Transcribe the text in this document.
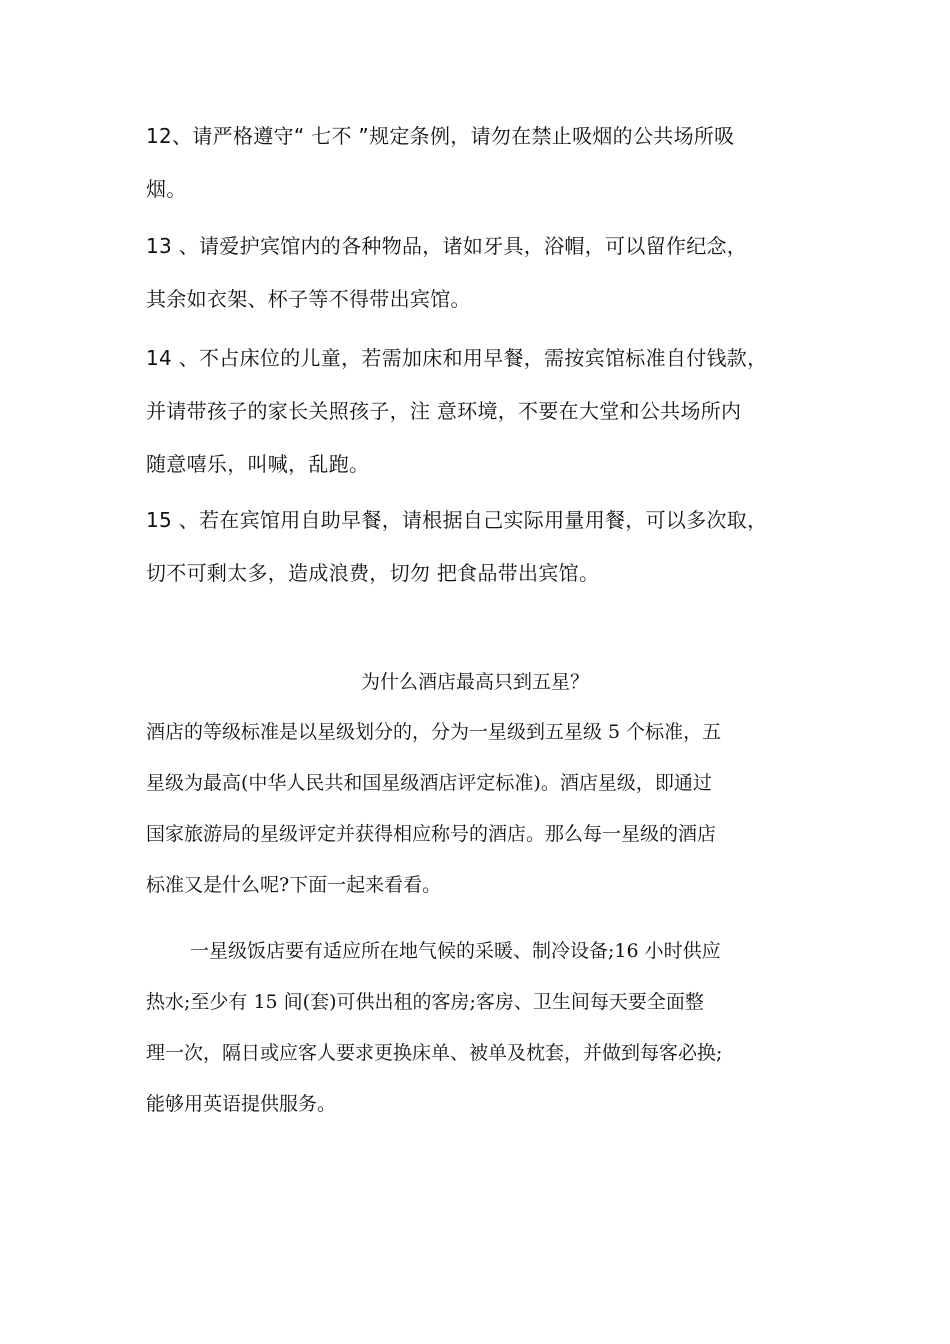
12、请严格遵守“ 七不 ”规定条例，请勿在禁止吸烟的公共场所吸
烟。
13 、请爱护宾馆内的各种物品，诸如牙具，浴帽，可以留作纪念，
其余如衣架、杯子等不得带出宾馆。
14 、不占床位的儿童，若需加床和用早餐，需按宾馆标准自付钱款，
并请带孩子的家长关照孩子，注 意环境，不要在大堂和公共场所内
随意嘻乐，叫喊，乱跑。
15 、若在宾馆用自助早餐，请根据自己实际用量用餐，可以多次取，
切不可剩太多，造成浪费，切勿 把食品带出宾馆。
为什么酒店最高只到五星？
酒店的等级标准是以星级划分的，分为一星级到五星级 5 个标准，五
星级为最高(中华人民共和国星级酒店评定标准)。酒店星级，即通过
国家旅游局的星级评定并获得相应称号的酒店。那么每一星级的酒店
标准又是什么呢?下面一起来看看。
一星级饭店要有适应所在地气候的采暖、制冷设备;16 小时供应
热水;至少有 15 间(套)可供出租的客房;客房、卫生间每天要全面整
理一次，隔日或应客人要求更换床单、被单及枕套，并做到每客必换;
能够用英语提供服务。
